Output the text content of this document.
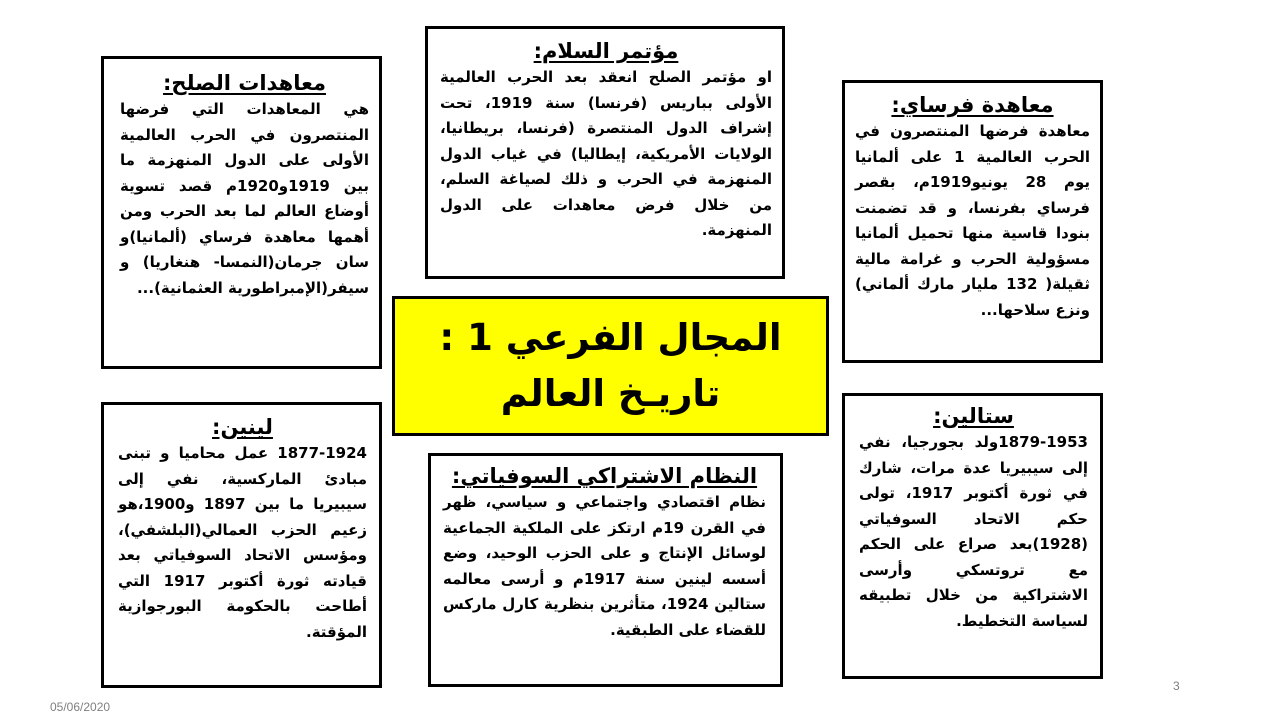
معاهدات الصلح:
هي المعاهدات التي فرضها المنتصرون في الحرب العالمية الأولى على الدول المنهزمة ما بين 1919و1920م قصد تسوية أوضاع العالم لما بعد الحرب ومن أهمها معاهدة فرساي (ألمانيا)و سان جرمان(النمسا- هنغاريا) و سيفر(الإمبراطورية العثمانية)...
مؤتمر السلام:
او مؤتمر الصلح انعقد بعد الحرب العالمية الأولى بباريس (فرنسا) سنة 1919، تحت إشراف الدول المنتصرة (فرنسا، بريطانيا، الولايات الأمريكية، إيطاليا) في غياب الدول المنهزمة في الحرب و ذلك لصياغة السلم، من خلال فرض معاهدات على الدول المنهزمة.
معاهدة فرساي:
معاهدة فرضها المنتصرون في الحرب العالمية 1 على ألمانيا يوم 28 يونيو1919م، بقصر فرساي بفرنسا، و قد تضمنت بنودا قاسية منها تحميل ألمانيا مسؤولية الحرب و غرامة مالية ثقيلة( 132 مليار مارك ألماني) ونزع سلاحها...
المجال الفرعي 1 :
تاريـخ العالم
لينين:
1877-1924 عمل محاميا و تبنى مبادئ الماركسية، نفي إلى سيبيريا ما بين 1897 و1900،هو زعيم الحزب العمالي(البلشفي)، ومؤسس الاتحاد السوفياتي بعد قيادته ثورة أكتوبر 1917 التي أطاحت بالحكومة البورجوازية المؤقتة.
النظام الاشتراكي السوفياتي:
نظام اقتصادي واجتماعي و سياسي، ظهر في القرن 19م ارتكز على الملكية الجماعية لوسائل الإنتاج و على الحزب الوحيد، وضع أسسه لينين سنة 1917م و أرسى معالمه ستالين 1924، متأثرين بنظرية كارل ماركس للقضاء على الطبقية.
ستالين:
1879-1953ولد بجورجيا، نفي إلى سيبيريا عدة مرات، شارك في ثورة أكتوبر 1917، تولى حكم الاتحاد السوفياتي (1928)بعد صراع على الحكم مع تروتسكي وأرسى الاشتراكية من خلال تطبيقه لسياسة التخطيط.
05/06/2020
3
